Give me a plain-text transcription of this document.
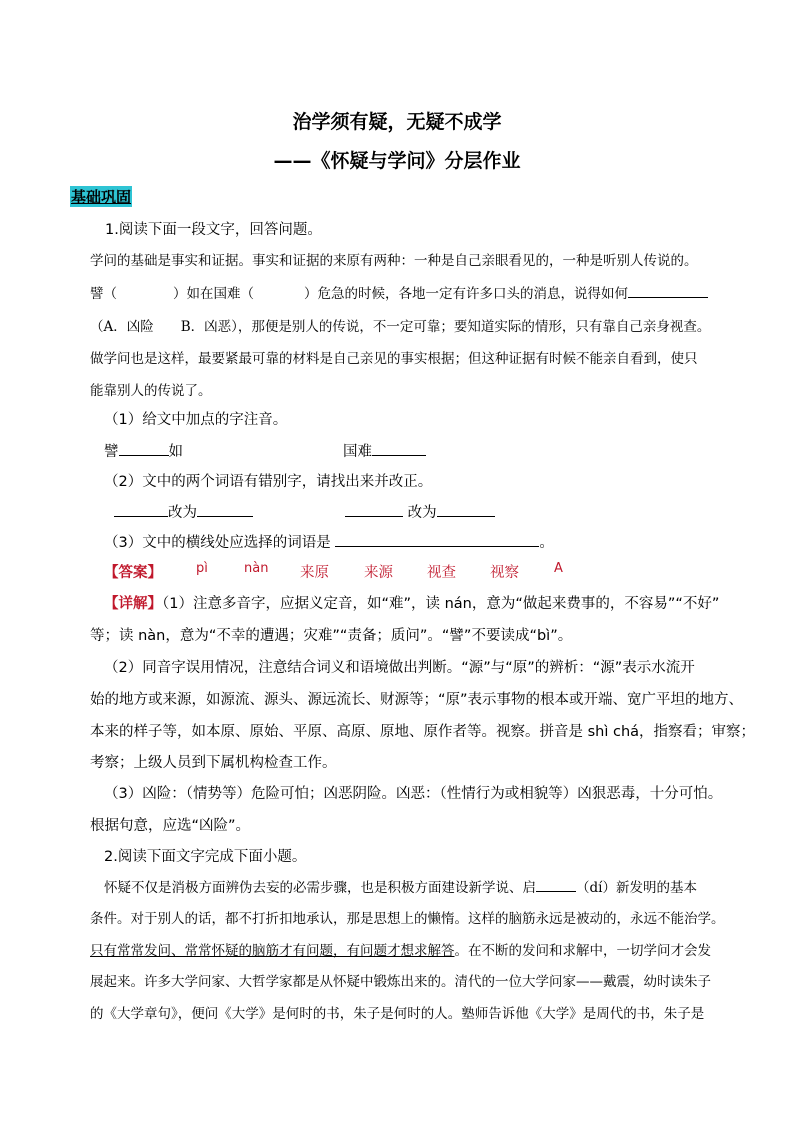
治学须有疑，无疑不成学
——《怀疑与学问》分层作业
基础巩固
1.阅读下面一段文字，回答问题。
学问的基础是事实和证据。事实和证据的来原有两种：一种是自己亲眼看见的，一种是听别人传说的。
譬（	）如在国难（	）危急的时候，各地一定有许多口头的消息，说得如何
（A．凶险　　B．凶恶），那便是别人的传说，不一定可靠；要知道实际的情形，只有靠自己亲身视查。
做学问也是这样，最要紧最可靠的材料是自己亲见的事实根据；但这种证据有时候不能亲自看到，使只
能靠别人的传说了。
（1）给文中加点的字注音。
譬	如	国难
（2）文中的两个词语有错别字，请找出来并改正。
改为	改为
（3）文中的横线处应选择的词语是	。
【答案】	pì	nàn 来原 来源 视查 视察	A
【详解】（1）注意多音字，应据义定音，如“难”，读 nán，意为“做起来费事的，不容易”“不好”
等；读 nàn，意为“不幸的遭遇；灾难”“责备；质问”。“譬”不要读成“bì”。
（2）同音字误用情况，注意结合词义和语境做出判断。“源”与“原”的辨析：“源”表示水流开
始的地方或来源，如源流、源头、源远流长、财源等；“原”表示事物的根本或开端、宽广平坦的地方、
本来的样子等，如本原、原始、平原、高原、原地、原作者等。视察。拼音是 shì chá，指察看；审察；
考察；上级人员到下属机构检查工作。
（3）凶险：（情势等）危险可怕；凶恶阴险。凶恶：（性情行为或相貌等）凶狠恶毒，十分可怕。
根据句意，应选“凶险”。
2.阅读下面文字完成下面小题。
怀疑不仅是消极方面辨伪去妄的必需步骤，也是积极方面建设新学说、启	（dí）新发明的基本
条件。对于别人的话，都不打折扣地承认，那是思想上的懒惰。这样的脑筋永远是被动的，永远不能治学。
只有常常发问、常常怀疑的脑筋才有问题，有问题才想求解答。在不断的发问和求解中，一切学问才会发
展起来。许多大学问家、大哲学家都是从怀疑中锻炼出来的。清代的一位大学问家——戴震，幼时读朱子
的《大学章句》，便问《大学》是何时的书，朱子是何时的人。塾师告诉他《大学》是周代的书，朱子是
